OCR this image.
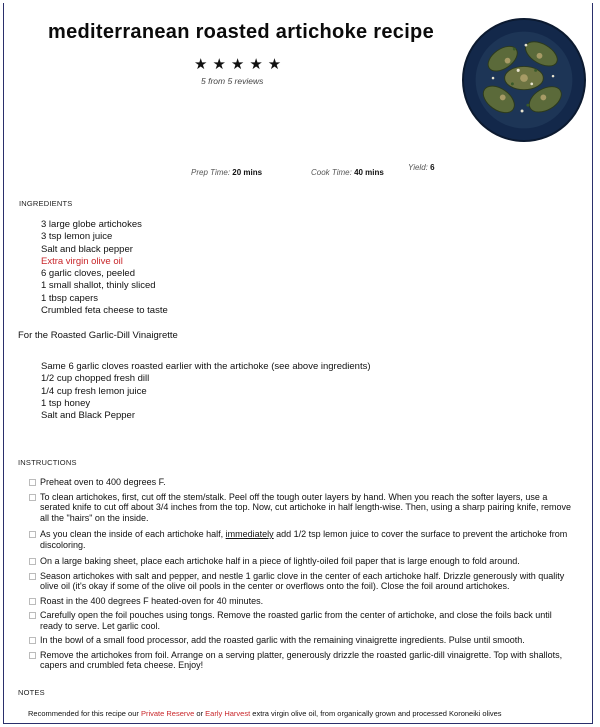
mediterranean roasted artichoke recipe
★★★★★
5 from 5 reviews
Prep Time: 20 mins	Cook Time: 40 mins
Yield: 6
INGREDIENTS
3 large globe artichokes
3 tsp lemon juice
Salt and black pepper
Extra virgin olive oil
6 garlic cloves, peeled
1 small shallot, thinly sliced
1 tbsp capers
Crumbled feta cheese to taste
For the Roasted Garlic-Dill Vinaigrette
Same 6 garlic cloves roasted earlier with the artichoke (see above ingredients)
1/2 cup chopped fresh dill
1/4 cup fresh lemon juice
1 tsp honey
Salt and Black Pepper
INSTRUCTIONS
Preheat oven to 400 degrees F.
To clean artichokes, first, cut off the stem/stalk. Peel off the tough outer layers by hand. When you reach the softer layers, use a serated knife to cut off about 3/4 inches from the top. Now, cut artichoke in half length-wise. Then, using a sharp pairing knife, remove all the "hairs" on the inside.
As you clean the inside of each artichoke half, immediately add 1/2 tsp lemon juice to cover the surface to prevent the artichoke from discoloring.
On a large baking sheet, place each artichoke half in a piece of lightly-oiled foil paper that is large enough to fold around.
Season artichokes with salt and pepper, and nestle 1 garlic clove in the center of each artichoke half. Drizzle generously with quality olive oil (it's okay if some of the olive oil pools in the center or overflows onto the foil). Close the foil around artichokes.
Roast in the 400 degrees F heated-oven for 40 minutes.
Carefully open the foil pouches using tongs. Remove the roasted garlic from the center of artichoke, and close the foils back until ready to serve. Let garlic cool.
In the bowl of a small food processor, add the roasted garlic with the remaining vinaigrette ingredients. Pulse until smooth.
Remove the artichokes from foil. Arrange on a serving platter, generously drizzle the roasted garlic-dill vinaigrette. Top with shallots, capers and crumbled feta cheese. Enjoy!
NOTES
Recommended for this recipe our Private Reserve or Early Harvest extra virgin olive oil, from organically grown and processed Koroneiki olives
